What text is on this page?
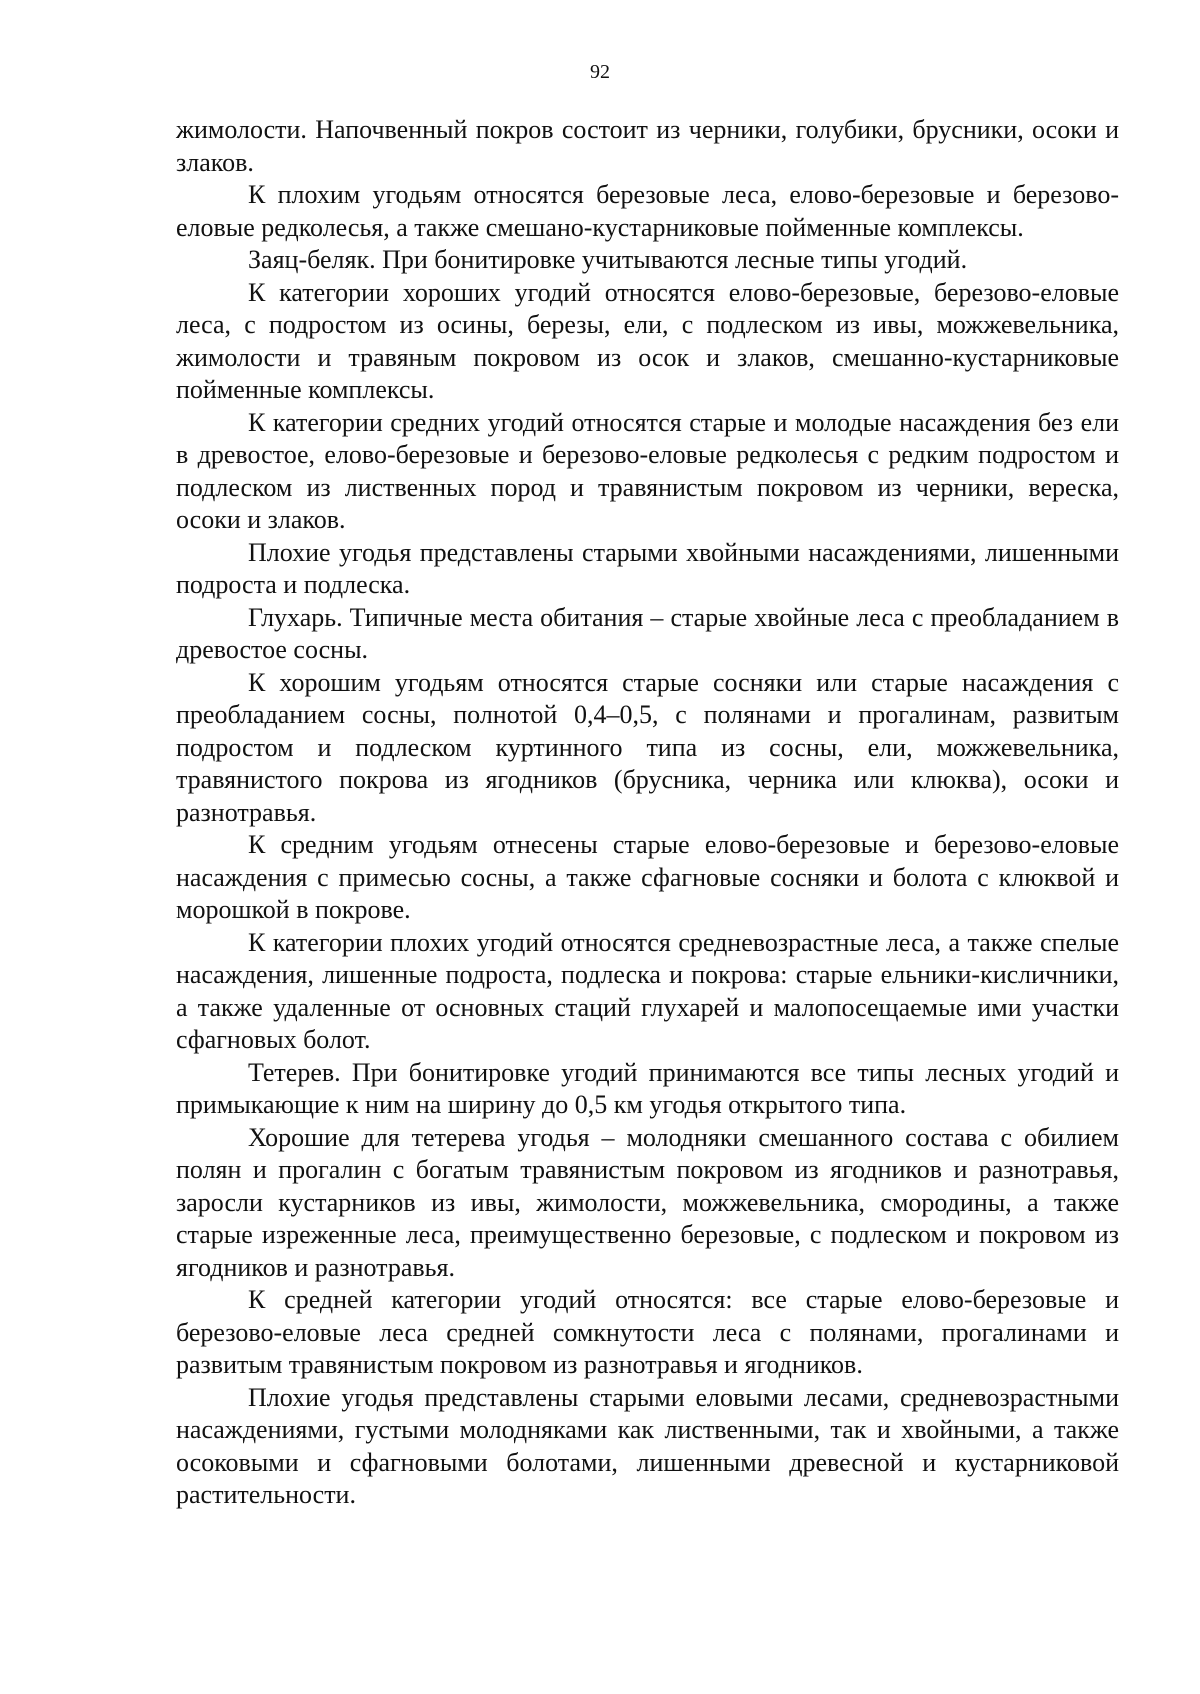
92

жимолости. Напочвенный покров состоит из черники, голубики, брусники, осоки и злаков.

К плохим угодьям относятся березовые леса, елово-березовые и березово-еловые редколесья, а также смешано-кустарниковые пойменные комплексы.

Заяц-беляк. При бонитировке учитываются лесные типы угодий.

К категории хороших угодий относятся елово-березовые, березово-еловые леса, с подростом из осины, березы, ели, с подлеском из ивы, можжевельника, жимолости и травяным покровом из осок и злаков, смешанно-кустарниковые пойменные комплексы.

К категории средних угодий относятся старые и молодые насаждения без ели в древостое, елово-березовые и березово-еловые редколесья с редким подростом и подлеском из лиственных пород и травянистым покровом из черники, вереска, осоки и злаков.

Плохие угодья представлены старыми хвойными насаждениями, лишенными подроста и подлеска.

Глухарь. Типичные места обитания – старые хвойные леса с преобладанием в древостое сосны.

К хорошим угодьям относятся старые сосняки или старые насаждения с преобладанием сосны, полнотой 0,4–0,5, с полянами и прогалинам, развитым подростом и подлеском куртинного типа из сосны, ели, можжевельника, травянистого покрова из ягодников (брусника, черника или клюква), осоки и разнотравья.

К средним угодьям отнесены старые елово-березовые и березово-еловые насаждения с примесью сосны, а также сфагновые сосняки и болота с клюквой и морошкой в покрове.

К категории плохих угодий относятся средневозрастные леса, а также спелые насаждения, лишенные подроста, подлеска и покрова: старые ельники-кисличники, а также удаленные от основных стаций глухарей и малопосещаемые ими участки сфагновых болот.

Тетерев. При бонитировке угодий принимаются все типы лесных угодий и примыкающие к ним на ширину до 0,5 км угодья открытого типа.

Хорошие для тетерева угодья – молодняки смешанного состава с обилием полян и прогалин с богатым травянистым покровом из ягодников и разнотравья, заросли кустарников из ивы, жимолости, можжевельника, смородины, а также старые изреженные леса, преимущественно березовые, с подлеском и покровом из ягодников и разнотравья.

К средней категории угодий относятся: все старые елово-березовые и березово-еловые леса средней сомкнутости леса с полянами, прогалинами и развитым травянистым покровом из разнотравья и ягодников.

Плохие угодья представлены старыми еловыми лесами, средневозрастными насаждениями, густыми молодняками как лиственными, так и хвойными, а также осоковыми и сфагновыми болотами, лишенными древесной и кустарниковой растительности.
